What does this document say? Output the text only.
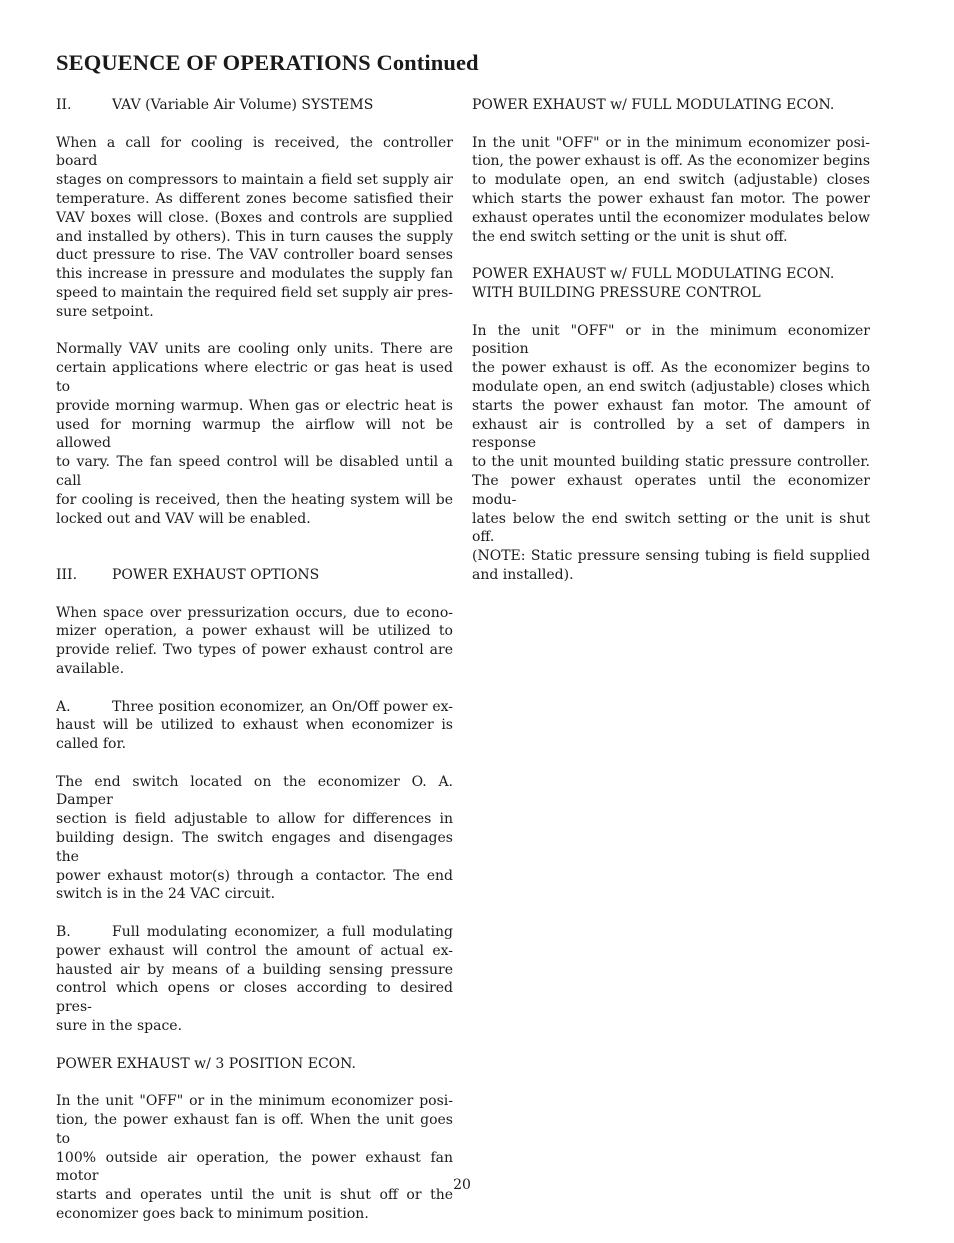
SEQUENCE OF OPERATIONS Continued
II.	VAV (Variable Air Volume) SYSTEMS
When a call for cooling is received, the controller board
stages on compressors to maintain a field set supply air
temperature. As different zones become satisfied their
VAV boxes will close. (Boxes and controls are supplied
and installed by others). This in turn causes the supply
duct pressure to rise. The VAV controller board senses
this increase in pressure and modulates the supply fan
speed to maintain the required field set supply air pres-
sure setpoint.
Normally VAV units are cooling only units. There are
certain applications where electric or gas heat is used to
provide morning warmup. When gas or electric heat is
used for morning warmup the airflow will not be allowed
to vary. The fan speed control will be disabled until a call
for cooling is received, then the heating system will be
locked out and VAV will be enabled.
III. POWER EXHAUST OPTIONS
When space over pressurization occurs, due to econo-
mizer operation, a power exhaust will be utilized to
provide relief. Two types of power exhaust control are
available.
A.	Three position economizer, an On/Off power ex-
haust will be utilized to exhaust when economizer is
called for.
The end switch located on the economizer O. A. Damper
section is field adjustable to allow for differences in
building design. The switch engages and disengages the
power exhaust motor(s) through a contactor. The end
switch is in the 24 VAC circuit.
B.	Full modulating economizer, a full modulating
power exhaust will control the amount of actual ex-
hausted air by means of a building sensing pressure
control which opens or closes according to desired pres-
sure in the space.
POWER EXHAUST w/ 3 POSITION ECON.
In the unit "OFF" or in the minimum economizer posi-
tion, the power exhaust fan is off. When the unit goes to
100% outside air operation, the power exhaust fan motor
starts and operates until the unit is shut off or the
economizer goes back to minimum position.
POWER EXHAUST w/ FULL MODULATING ECON.
In the unit "OFF" or in the minimum economizer posi-
tion, the power exhaust is off. As the economizer begins
to modulate open, an end switch (adjustable) closes
which starts the power exhaust fan motor. The power
exhaust operates until the economizer modulates below
the end switch setting or the unit is shut off.
POWER EXHAUST w/ FULL MODULATING ECON.
WITH BUILDING PRESSURE CONTROL
In the unit "OFF" or in the minimum economizer position
the power exhaust is off. As the economizer begins to
modulate open, an end switch (adjustable) closes which
starts the power exhaust fan motor. The amount of
exhaust air is controlled by a set of dampers in response
to the unit mounted building static pressure controller.
The power exhaust operates until the economizer modu-
lates below the end switch setting or the unit is shut off.
(NOTE: Static pressure sensing tubing is field supplied
and installed).
20
